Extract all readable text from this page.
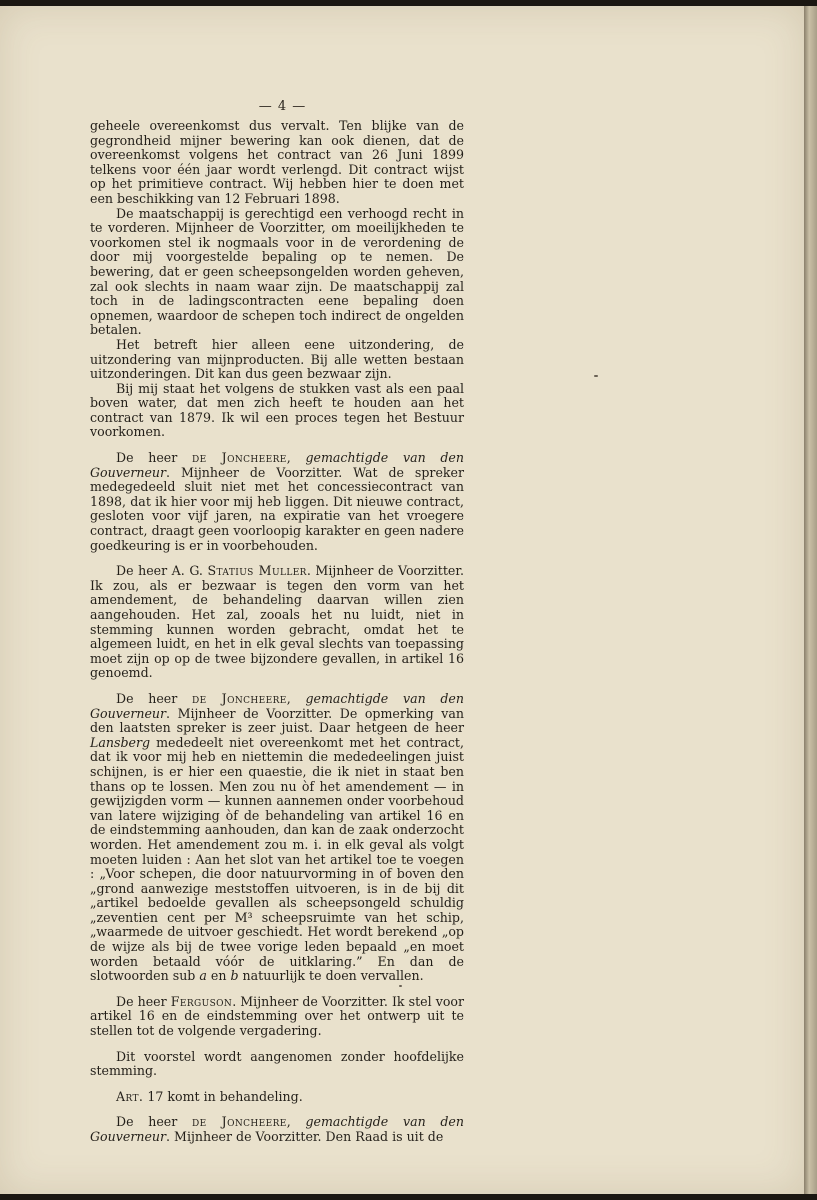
— 4 —

geheele overeenkomst dus vervalt. Ten blijke van de gegrondheid mijner bewering kan ook dienen, dat de overeenkomst volgens het contract van 26 Juni 1899 telkens voor één jaar wordt verlengd. Dit contract wijst op het primitieve contract. Wij hebben hier te doen met een beschikking van 12 Februari 1898.

De maatschappij is gerechtigd een verhoogd recht in te vorderen. Mijnheer de Voorzitter, om moeilijkheden te voorkomen stel ik nogmaals voor in de verordening de door mij voorgestelde bepaling op te nemen. De bewering, dat er geen scheepsongelden worden geheven, zal ook slechts in naam waar zijn. De maatschappij zal toch in de ladingscontracten eene bepaling doen opnemen, waardoor de schepen toch indirect de ongelden betalen.

Het betreft hier alleen eene uitzondering, de uitzondering van mijnproducten. Bij alle wetten bestaan uitzonderingen. Dit kan dus geen bezwaar zijn.

Bij mij staat het volgens de stukken vast als een paal boven water, dat men zich heeft te houden aan het contract van 1879. Ik wil een proces tegen het Bestuur voorkomen.

De heer de Joncheere, gemachtigde van den Gouverneur. Mijnheer de Voorzitter. Wat de spreker medegedeeld sluit niet met het concessiecontract van 1898, dat ik hier voor mij heb liggen. Dit nieuwe contract, gesloten voor vijf jaren, na expiratie van het vroegere contract, draagt geen voorloopig karakter en geen nadere goedkeuring is er in voorbehouden.

De heer A. G. Statius Muller. Mijnheer de Voorzitter. Ik zou, als er bezwaar is tegen den vorm van het amendement, de behandeling daarvan willen zien aangehouden. Het zal, zooals het nu luidt, niet in stemming kunnen worden gebracht, omdat het te algemeen luidt, en het in elk geval slechts van toepassing moet zijn op op de twee bijzondere gevallen, in artikel 16 genoemd.

De heer de Joncheere, gemachtigde van den Gouverneur. Mijnheer de Voorzitter. De opmerking van den laatsten spreker is zeer juist. Daar hetgeen de heer Lansberg mededeelt niet overeenkomt met het contract, dat ik voor mij heb en niettemin die mededeelingen juist schijnen, is er hier een quaestie, die ik niet in staat ben thans op te lossen. Men zou nu òf het amendement — in gewijzigden vorm — kunnen aannemen onder voorbehoud van latere wijziging òf de behandeling van artikel 16 en de eindstemming aanhouden, dan kan de zaak onderzocht worden. Het amendement zou m. i. in elk geval als volgt moeten luiden : Aan het slot van het artikel toe te voegen : „Voor schepen, die door natuurvorming in of boven den „grond aanwezige meststoffen uitvoeren, is in de bij dit „artikel bedoelde gevallen als scheepsongeld schuldig „zeventien cent per M³ scheepsruimte van het schip, „waarmede de uitvoer geschiedt. Het wordt berekend „op de wijze als bij de twee vorige leden bepaald „en moet worden betaald vóór de uitklaring.” En dan de slotwoorden sub a en b natuurlijk te doen vervallen.

De heer Ferguson. Mijnheer de Voorzitter. Ik stel voor artikel 16 en de eindstemming over het ontwerp uit te stellen tot de volgende vergadering.

Dit voorstel wordt aangenomen zonder hoofdelijke stemming.

Art. 17 komt in behandeling.

De heer de Joncheere, gemachtigde van den Gouverneur. Mijnheer de Voorzitter. Den Raad is uit de
